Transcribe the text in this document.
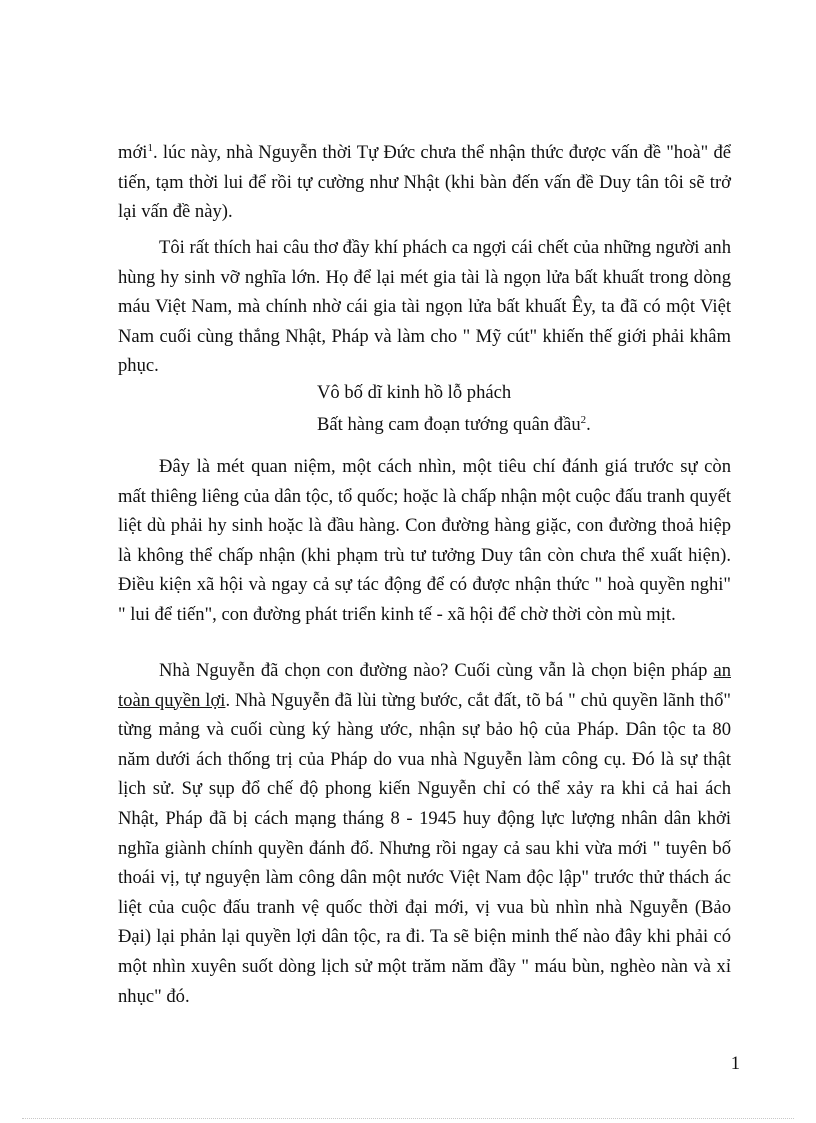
mới$^1$. lúc này, nhà Nguyễn thời Tự Đức chưa thể nhận thức được vấn đề "hoà" để tiến, tạm thời lui để rồi tự cường như Nhật (khi bàn đến vấn đề Duy tân tôi sẽ trở lại vấn đề này).

Tôi rất thích hai câu thơ đầy khí phách ca ngợi cái chết của những người anh hùng hy sinh vỡ nghĩa lớn. Họ để lại mét gia tài là ngọn lửa bất khuất trong dòng máu Việt Nam, mà chính nhờ cái gia tài ngọn lửa bất khuất Êy, ta đã có một Việt Nam cuối cùng thắng Nhật, Pháp và làm cho " Mỹ cút" khiến thế giới phải khâm phục.

Vô bố dĩ kinh hồ lỗ phách
Bất hàng cam đoạn tướng quân đầu$^2$.

Đây là mét quan niệm, một cách nhìn, một tiêu chí đánh giá trước sự còn mất thiêng liêng của dân tộc, tổ quốc; hoặc là chấp nhận một cuộc đấu tranh quyết liệt dù phải hy sinh hoặc là đầu hàng. Con đường hàng giặc, con đường thoả hiệp là không thể chấp nhận (khi phạm trù tư tưởng Duy tân còn chưa thể xuất hiện). Điều kiện xã hội và ngay cả sự tác động để có được nhận thức " hoà quyền nghi" " lui để tiến", con đường phát triển kinh tế - xã hội để chờ thời còn mù mịt.

Nhà Nguyễn đã chọn con đường nào? Cuối cùng vẫn là chọn biện pháp an toàn quyền lợi. Nhà Nguyễn đã lùi từng bước, cắt đất, tõ bá " chủ quyền lãnh thổ" từng mảng và cuối cùng ký hàng ước, nhận sự bảo hộ của Pháp. Dân tộc ta 80 năm dưới ách thống trị của Pháp do vua nhà Nguyễn làm công cụ. Đó là sự thật lịch sử. Sự sụp đổ chế độ phong kiến Nguyễn chỉ có thể xảy ra khi cả hai ách Nhật, Pháp đã bị cách mạng tháng 8 - 1945 huy động lực lượng nhân dân khởi nghĩa giành chính quyền đánh đổ. Nhưng rồi ngay cả sau khi vừa mới " tuyên bố thoái vị, tự nguyện làm công dân một nước Việt Nam độc lập" trước thử thách ác liệt của cuộc đấu tranh vệ quốc thời đại mới, vị vua bù nhìn nhà Nguyễn (Bảo Đại) lại phản lại quyền lợi dân tộc, ra đi. Ta sẽ biện minh thế nào đây khi phải có một nhìn xuyên suốt dòng lịch sử một trăm năm đầy " máu bùn, nghèo nàn và xỉ nhục" đó.

1
